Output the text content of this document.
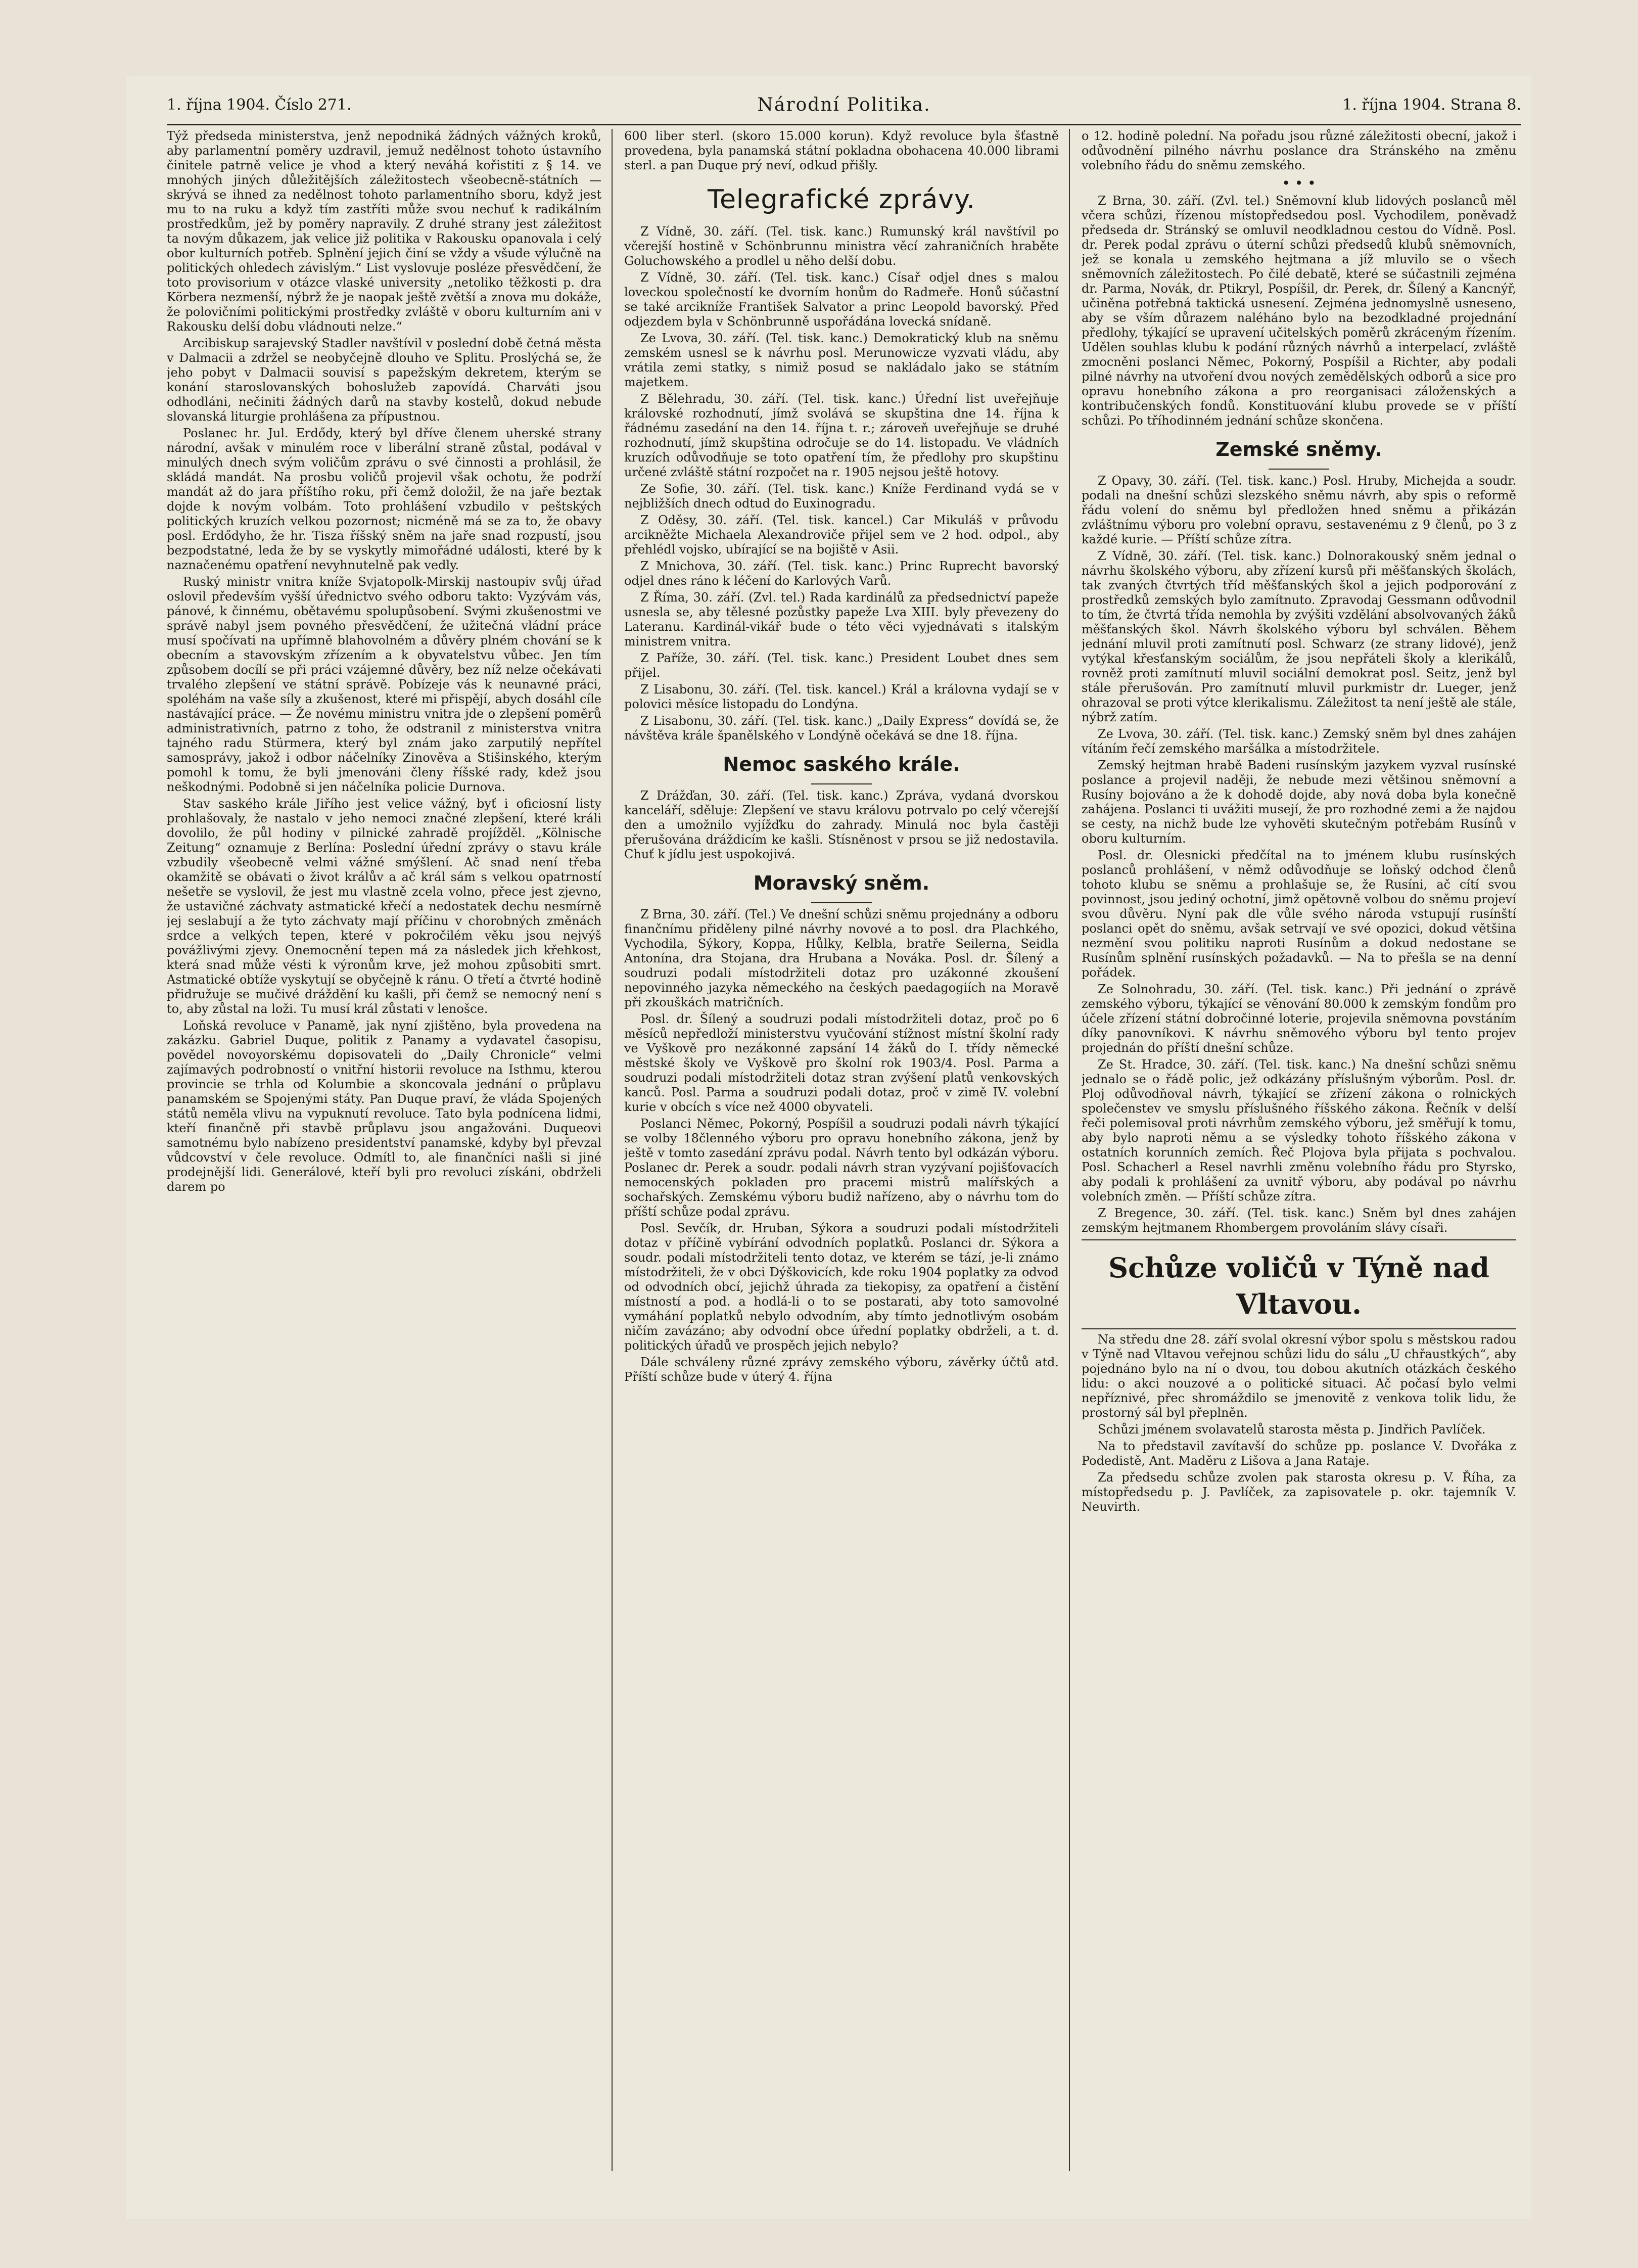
1. října 1904. Číslo 271.	Národní Politika.	1. října 1904. Strana 8.

Týž předseda ministerstva, jenž nepodniká žádných vážných kroků, aby parlamentní poměry uzdravil, jemuž nedělnost tohoto ústavního činitele patrně velice je vhod a který neváhá kořistiti z § 14. ve mnohých jiných důležitějších záležitostech všeobecně-státních — skrývá se ihned za nedělnost tohoto parlamentního sboru, když jest mu to na ruku a když tím zastříti může svou nechuť k radikálním prostředkům, jež by poměry napravily. Z druhé strany jest záležitost ta novým důkazem, jak velice již politika v Rakousku opanovala i celý obor kulturních potřeb. Splnění jejich činí se vždy a všude výlučně na politických ohledech závislým.“ List vyslovuje posléze přesvědčení, že toto provisorium v otázce vlaské university „netoliko těžkosti p. dra Körbera nezmenší, nýbrž že je naopak ještě zvětší a znova mu dokáže, že polovičními politickými prostředky zvláště v oboru kulturním ani v Rakousku delší dobu vládnouti nelze.“

Arcibiskup sarajevský Stadler navštívil v poslední době četná města v Dalmacii a zdržel se neobyčejně dlouho ve Splitu. Proslýchá se, že jeho pobyt v Dalmacii souvisí s papežským dekretem, kterým se konání staroslovanských bohoslužeb zapovídá. Charváti jsou odhodláni, nečiniti žádných darů na stavby kostelů, dokud nebude slovanská liturgie prohlášena za přípustnou.

Poslanec hr. Jul. Erdődy, který byl dříve členem uherské strany národní, avšak v minulém roce v liberální straně zůstal, podával v minulých dnech svým voličům zprávu o své činnosti a prohlásil, že skládá mandát. Na prosbu voličů projevil však ochotu, že podrží mandát až do jara příštího roku, při čemž doložil, že na jaře beztak dojde k novým volbám. Toto prohlášení vzbudilo v peštských politických kruzích velkou pozornost; nicméně má se za to, že obavy posl. Erdődyho, že hr. Tisza říšský sněm na jaře snad rozpustí, jsou bezpodstatné, leda že by se vyskytly mimořádné události, které by k naznačenému opatření nevyhnutelně pak vedly.

Ruský ministr vnitra kníže Svjatopolk-Mirskij nastoupiv svůj úřad oslovil především vyšší úřednictvo svého odboru takto: Vyzývám vás, pánové, k činnému, obětavému spolupůsobení. Svými zkušenostmi ve správě nabyl jsem povného přesvědčení, že užitečná vládní práce musí spočívati na upřímně blahovolném a důvěry plném chování se k obecním a stavovským zřízením a k obyvatelstvu vůbec. Jen tím způsobem docílí se při práci vzájemné důvěry, bez níž nelze očekávati trvalého zlepšení ve státní správě. Pobízeje vás k neunavné práci, spoléhám na vaše síly a zkušenost, které mi přispějí, abych dosáhl cíle nastávající práce. — Že novému ministru vnitra jde o zlepšení poměrů administrativních, patrno z toho, že odstranil z ministerstva vnitra tajného radu Stürmera, který byl znám jako zarputilý nepřítel samosprávy, jakož i odbor náčelníky Zinověva a Stišinského, kterým pomohl k tomu, že byli jmenováni členy říšské rady, kdež jsou neškodnými. Podobně si jen náčelníka policie Durnova.

Stav saského krále Jiřího jest velice vážný, byť i oficiosní listy prohlašovaly, že nastalo v jeho nemoci značné zlepšení, které králi dovolilo, že půl hodiny v pilnické zahradě projížděl. „Kölnische Zeitung“ oznamuje z Berlína: Poslední úřední zprávy o stavu krále vzbudily všeobecně velmi vážné smýšlení. Ač snad není třeba okamžitě se obávati o život králův a ač král sám s velkou opatrností nešetře se vyslovil, že jest mu vlastně zcela volno, přece jest zjevno, že ustavičné záchvaty astmatické křečí a nedostatek dechu nesmírně jej seslabují a že tyto záchvaty mají příčinu v chorobných změnách srdce a velkých tepen, které v pokročilém věku jsou nejvýš povážlivými zjevy. Onemocnění tepen má za následek jich křehkost, která snad může vésti k výronům krve, jež mohou způsobiti smrt. Astmatické obtíže vyskytují se obyčejně k ránu. O třetí a čtvrté hodině přidružuje se mučivé dráždění ku kašli, při čemž se nemocný není s to, aby zůstal na loži. Tu musí král zůstati v lenošce.

Loňská revoluce v Panamě, jak nyní zjištěno, byla provedena na zakázku. Gabriel Duque, politik z Panamy a vydavatel časopisu, povědel novoyorskému dopisovateli do „Daily Chronicle“ velmi zajímavých podrobností o vnitřní historii revoluce na Isthmu, kterou provincie se trhla od Kolumbie a skoncovala jednání o průplavu panamském se Spojenými státy. Pan Duque praví, že vláda Spojených států neměla vlivu na vypuknutí revoluce. Tato byla podnícena lidmi, kteří finančně při stavbě průplavu jsou angažováni. Duqueovi samotnému bylo nabízeno presidentství panamské, kdyby byl převzal vůdcovství v čele revoluce. Odmítl to, ale finančníci našli si jiné prodejnější lidi. Generálové, kteří byli pro revoluci získáni, obdrželi darem po

600 liber sterl. (skoro 15.000 korun). Když revoluce byla šťastně provedena, byla panamská státní pokladna obohacena 40.000 librami sterl. a pan Duque prý neví, odkud přišly.

Telegrafické zprávy.

Z Vídně, 30. září. (Tel. tisk. kanc.) Rumunský král navštívil po včerejší hostině v Schönbrunnu ministra věcí zahraničních hraběte Goluchowského a prodlel u něho delší dobu.

Z Vídně, 30. září. (Tel. tisk. kanc.) Císař odjel dnes s malou loveckou společností ke dvorním honům do Radmeře. Honů súčastní se také arcikníže František Salvator a princ Leopold bavorský. Před odjezdem byla v Schönbrunně uspořádána lovecká snídaně.

Ze Lvova, 30. září. (Tel. tisk. kanc.) Demokratický klub na sněmu zemském usnesl se k návrhu posl. Merunowicze vyzvati vládu, aby vrátila zemi statky, s nimiž posud se nakládalo jako se státním majetkem.

Z Bělehradu, 30. září. (Tel. tisk. kanc.) Úřední list uveřejňuje královské rozhodnutí, jímž svolává se skupština dne 14. října k řádnému zasedání na den 14. října t. r.; zároveň uveřejňuje se druhé rozhodnutí, jímž skupština odročuje se do 14. listopadu. Ve vládních kruzích odůvodňuje se toto opatření tím, že předlohy pro skupštinu určené zvláště státní rozpočet na r. 1905 nejsou ještě hotovy.

Ze Sofie, 30. září. (Tel. tisk. kanc.) Kníže Ferdinand vydá se v nejbližších dnech odtud do Euxinogradu.

Z Oděsy, 30. září. (Tel. tisk. kancel.) Car Mikuláš v průvodu arcikněžte Michaela Alexandroviče přijel sem ve 2 hod. odpol., aby přehlédl vojsko, ubírající se na bojiště v Asii.

Z Mnichova, 30. září. (Tel. tisk. kanc.) Princ Ruprecht bavorský odjel dnes ráno k léčení do Karlových Varů.

Z Říma, 30. září. (Zvl. tel.) Rada kardinálů za předsednictví papeže usnesla se, aby tělesné pozůstky papeže Lva XIII. byly převezeny do Lateranu. Kardinál-vikář bude o této věci vyjednávati s italským ministrem vnitra.

Z Paříže, 30. září. (Tel. tisk. kanc.) President Loubet dnes sem přijel.

Z Lisabonu, 30. září. (Tel. tisk. kancel.) Král a královna vydají se v polovici měsíce listopadu do Londýna.

Z Lisabonu, 30. září. (Tel. tisk. kanc.) „Daily Express“ dovídá se, že návštěva krále španělského v Londýně očekává se dne 18. října.

Nemoc saského krále.

Z Drážďan, 30. září. (Tel. tisk. kanc.) Zpráva, vydaná dvorskou kanceláří, sděluje: Zlepšení ve stavu královu potrvalo po celý včerejší den a umožnilo vyjížďku do zahrady. Minulá noc byla častěji přerušována dráždicím ke kašli. Stísněnost v prsou se již nedostavila. Chuť k jídlu jest uspokojivá.

Moravský sněm.

Z Brna, 30. září. (Tel.) Ve dnešní schůzi sněmu projednány a odboru finančnímu přiděleny pilné návrhy novové a to posl. dra Plachkého, Vychodila, Sýkory, Koppa, Hůlky, Kelbla, bratře Seilerna, Seidla Antonína, dra Stojana, dra Hrubana a Nováka. Posl. dr. Šílený a soudruzi podali místodržiteli dotaz pro uzákonné zkoušení nepovinného jazyka německého na českých paedagogiích na Moravě při zkouškách matričních.

Posl. dr. Šílený a soudruzi podali místodržiteli dotaz, proč po 6 měsíců nepředloží ministerstvu vyučování stížnost místní školní rady ve Vyškově pro nezákonné zapsání 14 žáků do I. třídy německé městské školy ve Vyškově pro školní rok 1903/4. Posl. Parma a soudruzi podali místodržiteli dotaz stran zvýšení platů venkovských kanců. Posl. Parma a soudruzi podali dotaz, proč v zimě IV. volební kurie v obcích s více než 4000 obyvateli.

Poslanci Němec, Pokorný, Pospíšil a soudruzi podali návrh týkající se volby 18členného výboru pro opravu honebního zákona, jenž by ještě v tomto zasedání zprávu podal. Návrh tento byl odkázán výboru. Poslanec dr. Perek a soudr. podali návrh stran vyzývaní pojišťovacích nemocenských pokladen pro pracemi mistrů malířských a sochařských. Zemskému výboru budiž nařízeno, aby o návrhu tom do příští schůze podal zprávu.

Posl. Sevčík, dr. Hruban, Sýkora a soudruzi podali místodržiteli dotaz v příčině vybírání odvodních poplatků. Poslanci dr. Sýkora a soudr. podali místodržiteli tento dotaz, ve kterém se tází, je-li známo místodržiteli, že v obci Dýškovicích, kde roku 1904 poplatky za odvod od odvodních obcí, jejichž úhrada za tiekopisy, za opatření a čistění místností a pod. a hodlá-li o to se postarati, aby toto samovolné vymáhání poplatků nebylo odvodním, aby tímto jednotlivým osobám ničím zavázáno; aby odvodní obce úřední poplatky obdrželi, a t. d. politických úřadů ve prospěch jejich nebylo?

Dále schváleny různé zprávy zemského výboru, závěrky účtů atd. Příští schůze bude v úterý 4. října

o 12. hodině polední. Na pořadu jsou různé záležitosti obecní, jakož i odůvodnění pilného návrhu poslance dra Stránského na změnu volebního řádu do sněmu zemského.

• • •

Z Brna, 30. září. (Zvl. tel.) Sněmovní klub lidových poslanců měl včera schůzi, řízenou místopředsedou posl. Vychodilem, poněvadž předseda dr. Stránský se omluvil neodkladnou cestou do Vídně. Posl. dr. Perek podal zprávu o úterní schůzi předsedů klubů sněmovních, jež se konala u zemského hejtmana a jíž mluvilo se o všech sněmovních záležitostech. Po čilé debatě, které se súčastnili zejména dr. Parma, Novák, dr. Ptikryl, Pospíšil, dr. Perek, dr. Šílený a Kancnýř, učiněna potřebná taktická usnesení. Zejména jednomyslně usneseno, aby se vším důrazem naléháno bylo na bezodkladné projednání předlohy, týkající se upravení učitelských poměrů zkráceným řízením. Udělen souhlas klubu k podání různých návrhů a interpelací, zvláště zmocněni poslanci Němec, Pokorný, Pospíšil a Richter, aby podali pilné návrhy na utvoření dvou nových zemědělských odborů a sice pro opravu honebního zákona a pro reorganisaci záloženských a kontribučenských fondů. Konstituování klubu provede se v příští schůzi. Po tříhodinném jednání schůze skončena.

Zemské sněmy.

Z Opavy, 30. září. (Tel. tisk. kanc.) Posl. Hruby, Michejda a soudr. podali na dnešní schůzi slezského sněmu návrh, aby spis o reformě řádu volení do sněmu byl předložen hned sněmu a přikázán zvláštnímu výboru pro volební opravu, sestavenému z 9 členů, po 3 z každé kurie. — Příští schůze zítra.

Z Vídně, 30. září. (Tel. tisk. kanc.) Dolnorakouský sněm jednal o návrhu školského výboru, aby zřízení kursů při měšťanských školách, tak zvaných čtvrtých tříd měšťanských škol a jejich podporování z prostředků zemských bylo zamítnuto. Zpravodaj Gessmann odůvodnil to tím, že čtvrtá třída nemohla by zvýšiti vzdělání absolvovaných žáků měšťanských škol. Návrh školského výboru byl schválen. Během jednání mluvil proti zamítnutí posl. Schwarz (ze strany lidové), jenž vytýkal křesťanským sociálům, že jsou nepřáteli školy a klerikálů, rovněž proti zamítnutí mluvil sociální demokrat posl. Seitz, jenž byl stále přerušován. Pro zamítnutí mluvil purkmistr dr. Lueger, jenž ohrazoval se proti výtce klerikalismu. Záležitost ta není ještě ale stále, nýbrž zatím.

Ze Lvova, 30. září. (Tel. tisk. kanc.) Zemský sněm byl dnes zahájen vítáním řečí zemského maršálka a místodržitele.

Zemský hejtman hrabě Badeni rusínským jazykem vyzval rusínské poslance a projevil naději, že nebude mezi většinou sněmovní a Rusíny bojováno a že k dohodě dojde, aby nová doba byla konečně zahájena. Poslanci ti uvážiti musejí, že pro rozhodné zemi a že najdou se cesty, na nichž bude lze vyhověti skutečným potřebám Rusínů v oboru kulturním.

Posl. dr. Olesnicki předčítal na to jménem klubu rusínských poslanců prohlášení, v němž odůvodňuje se loňský odchod členů tohoto klubu se sněmu a prohlašuje se, že Rusíni, ač cítí svou povinnost, jsou jediný ochotní, jimž opětovně volbou do sněmu projeví svou důvěru. Nyní pak dle vůle svého národa vstupují rusínští poslanci opět do sněmu, avšak setrvají ve své opozici, dokud většina nezmění svou politiku naproti Rusínům a dokud nedostane se Rusínům splnění rusínských požadavků. — Na to přešla se na denní pořádek.

Ze Solnohradu, 30. září. (Tel. tisk. kanc.) Při jednání o zprávě zemského výboru, týkající se věnování 80.000 k zemským fondům pro účele zřízení státní dobročinné loterie, projevila sněmovna povstáním díky panovníkovi. K návrhu sněmového výboru byl tento projev projednán do příští dnešní schůze.

Ze St. Hradce, 30. září. (Tel. tisk. kanc.) Na dnešní schůzi sněmu jednalo se o řádě polic, jež odkázány příslušným výborům. Posl. dr. Ploj odůvodňoval návrh, týkající se zřízení zákona o rolnických společenstev ve smyslu příslušného říšského zákona. Řečník v delší řeči polemisoval proti návrhům zemského výboru, jež směřují k tomu, aby bylo naproti němu a se výsledky tohoto říšského zákona v ostatních korunních zemích. Řeč Plojova byla přijata s pochvalou. Posl. Schacherl a Resel navrhli změnu volebního řádu pro Styrsko, aby podali k prohlášení za uvnitř výboru, aby podával po návrhu volebních změn. — Příští schůze zítra.

Z Bregence, 30. září. (Tel. tisk. kanc.) Sněm byl dnes zahájen zemským hejtmanem Rhombergem provoláním slávy císaři.

Schůze voličů v Týně nad Vltavou.

Na středu dne 28. září svolal okresní výbor spolu s městskou radou v Týně nad Vltavou veřejnou schůzi lidu do sálu „U chřaustkých“, aby pojednáno bylo na ní o dvou, tou dobou akutních otázkách českého lidu: o akci nouzové a o politické situaci. Ač počasí bylo velmi nepříznivé, přec shromáždilo se jmenovitě z venkova tolik lidu, že prostorný sál byl přeplněn.

Schůzi jménem svolavatelů starosta města p. Jindřich Pavlíček.

Na to představil zavítavší do schůze pp. poslance V. Dvořáka z Podedistě, Ant. Maděru z Lišova a Jana Rataje.

Za předsedu schůze zvolen pak starosta okresu p. V. Říha, za místopředsedu p. J. Pavlíček, za zapisovatele p. okr. tajemník V. Neuvirth.
